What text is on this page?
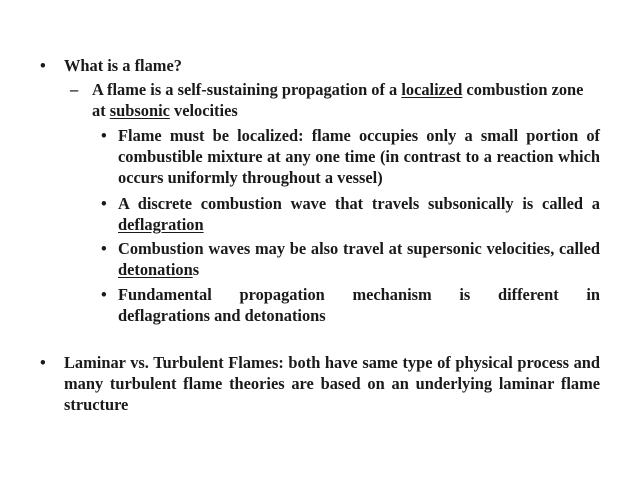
• What is a flame?
– A flame is a self-sustaining propagation of a localized combustion zone at subsonic velocities
• Flame must be localized: flame occupies only a small portion of combustible mixture at any one time (in contrast to a reaction which occurs uniformly throughout a vessel)
• A discrete combustion wave that travels subsonically is called a deflagration
• Combustion waves may be also travel at supersonic velocities, called detonations
• Fundamental propagation mechanism is different in
deflagrations and detonations
• Laminar vs. Turbulent Flames: both have same type of physical process and many turbulent flame theories are based on an underlying laminar flame structure
